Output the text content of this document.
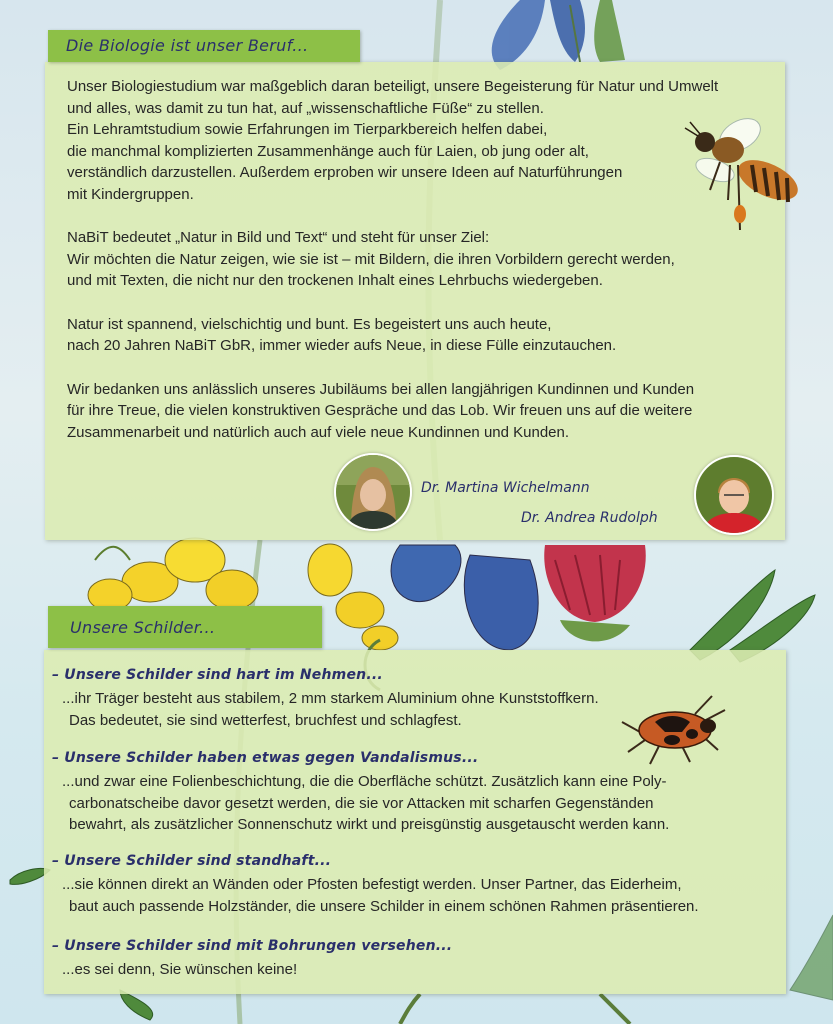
Die Biologie ist unser Beruf...

Unser Biologiestudium war maßgeblich daran beteiligt, unsere Begeisterung für Natur und Umwelt
und alles, was damit zu tun hat, auf „wissenschaftliche Füße“ zu stellen.
Ein Lehramtstudium sowie Erfahrungen im Tierparkbereich helfen dabei,
die manchmal komplizierten Zusammenhänge auch für Laien, ob jung oder alt,
verständlich darzustellen. Außerdem erproben wir unsere Ideen auf Naturführungen
mit Kindergruppen.

NaBiT bedeutet „Natur in Bild und Text“ und steht für unser Ziel:
Wir möchten die Natur zeigen, wie sie ist – mit Bildern, die ihren Vorbildern gerecht werden,
und mit Texten, die nicht nur den trockenen Inhalt eines Lehrbuchs wiedergeben.

Natur ist spannend, vielschichtig und bunt. Es begeistert uns auch heute,
nach 20 Jahren NaBiT GbR, immer wieder aufs Neue, in diese Fülle einzutauchen.

Wir bedanken uns anlässlich unseres Jubiläums bei allen langjährigen Kundinnen und Kunden
für ihre Treue, die vielen konstruktiven Gespräche und das Lob. Wir freuen uns auf die weitere
Zusammenarbeit und natürlich auch auf viele neue Kundinnen und Kunden.

Dr. Martina Wichelmann
Dr. Andrea Rudolph
Unsere Schilder...
– Unsere Schilder sind hart im Nehmen...
...ihr Träger besteht aus stabilem, 2 mm starkem Aluminium ohne Kunststoffkern.
Das bedeutet, sie sind wetterfest, bruchfest und schlagfest.
– Unsere Schilder haben etwas gegen Vandalismus...
...und zwar eine Folienbeschichtung, die die Oberfläche schützt. Zusätzlich kann eine Poly-
carbonatscheibe davor gesetzt werden, die sie vor Attacken mit scharfen Gegenständen
bewahrt, als zusätzlicher Sonnenschutz wirkt und preisgünstig ausgetauscht werden kann.
– Unsere Schilder sind standhaft...
...sie können direkt an Wänden oder Pfosten befestigt werden. Unser Partner, das Eiderheim,
baut auch passende Holzständer, die unsere Schilder in einem schönen Rahmen präsentieren.
– Unsere Schilder sind mit Bohrungen versehen...
...es sei denn, Sie wünschen keine!
